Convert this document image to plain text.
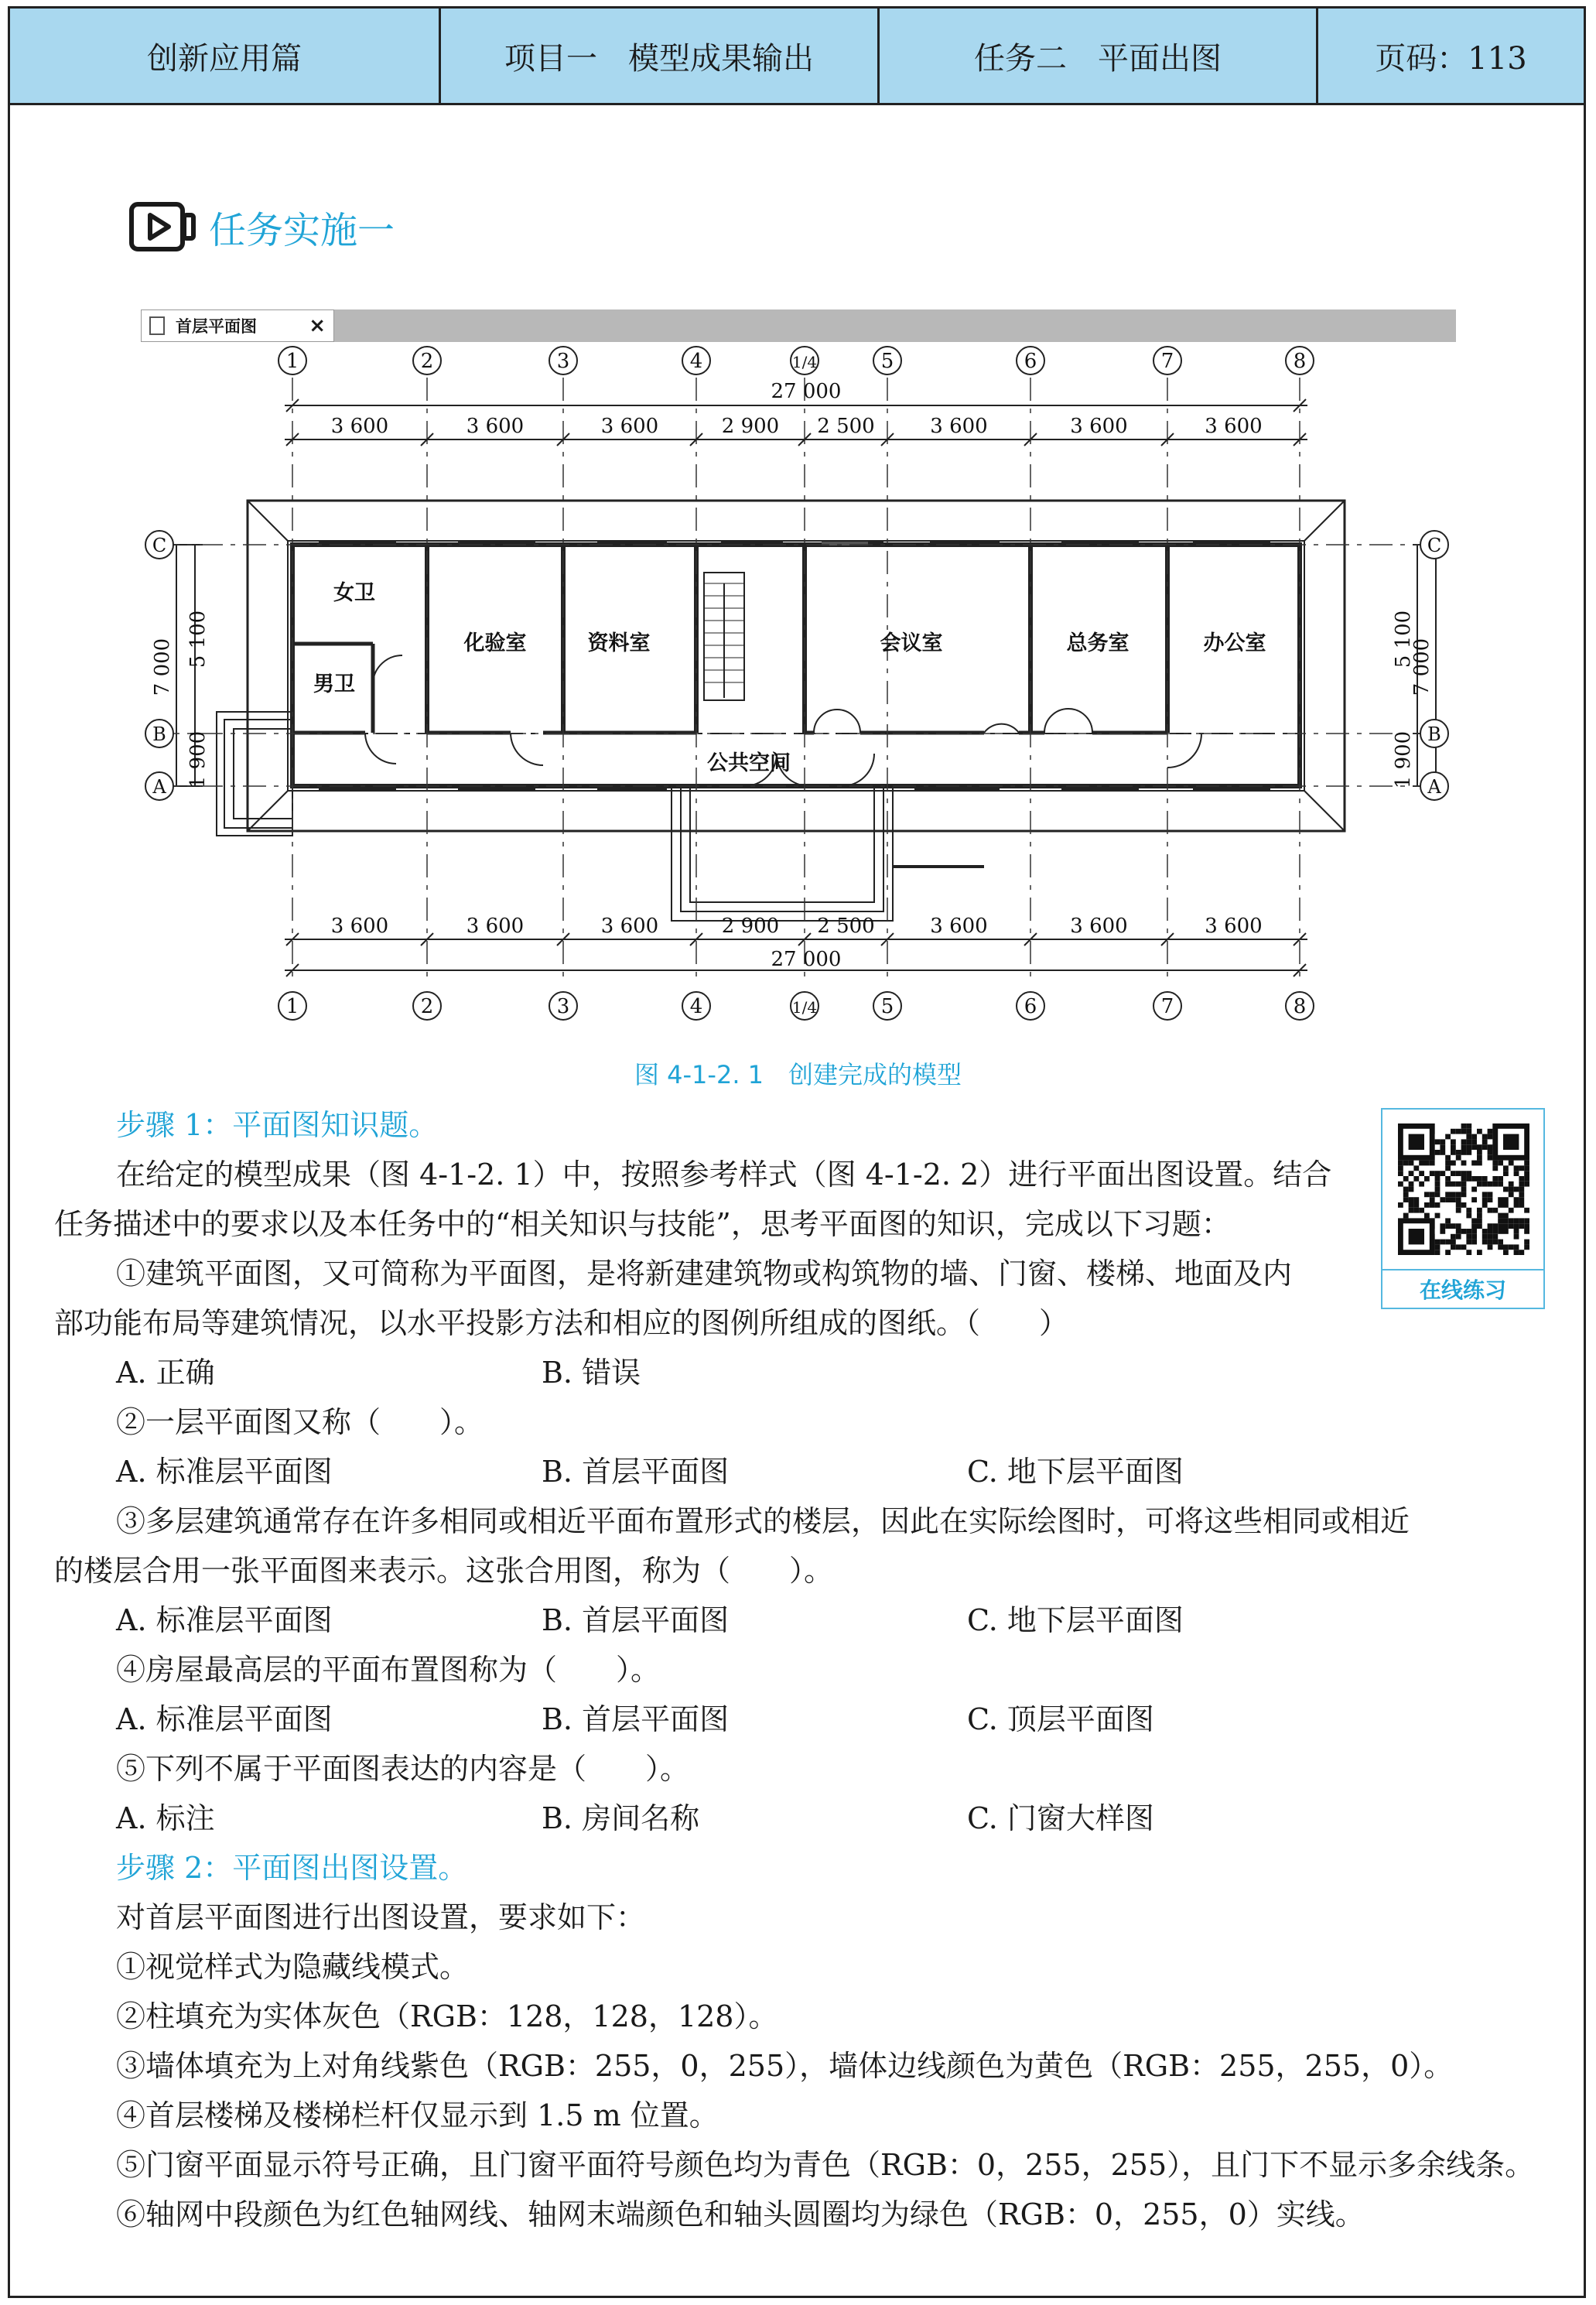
创新应用篇	项目一　模型成果输出	任务二　平面出图	页码：113
任务实施一
首层平面图	×
1
1
2
2
3
3
4
4
1/4
1/4
5
5
6
6
7
7
8
8
C	C
B	B
A	A
27 000
3 600	3 600	3 600	2 900 2 500	3 600	3 600	3 600
3 600	3 600	3 600	2 900 2 500	3 600	3 600	3 600
27 000
7 000 5 100
1 900
5 100
1 900
7 000
女卫
男卫
化验室	资料室	会议室	总务室	办公室
公共空间
图 4-1-2. 1　创建完成的模型
在线练习
步骤 1：平面图知识题。
在给定的模型成果（图 4-1-2. 1）中，按照参考样式（图 4-1-2. 2）进行平面出图设置。结合
任务描述中的要求以及本任务中的“相关知识与技能”，思考平面图的知识，完成以下习题：
①建筑平面图，又可简称为平面图，是将新建建筑物或构筑物的墙、门窗、楼梯、地面及内
部功能布局等建筑情况，以水平投影方法和相应的图例所组成的图纸。（　　）
A. 正确	B. 错误
②一层平面图又称（　　）。
A. 标准层平面图	B. 首层平面图	C. 地下层平面图
③多层建筑通常存在许多相同或相近平面布置形式的楼层，因此在实际绘图时，可将这些相同或相近
的楼层合用一张平面图来表示。这张合用图，称为（　　）。
A. 标准层平面图	B. 首层平面图	C. 地下层平面图
④房屋最高层的平面布置图称为（　　）。
A. 标准层平面图	B. 首层平面图	C. 顶层平面图
⑤下列不属于平面图表达的内容是（　　）。
A. 标注	B. 房间名称	C. 门窗大样图
步骤 2：平面图出图设置。
对首层平面图进行出图设置，要求如下：
①视觉样式为隐藏线模式。
②柱填充为实体灰色（RGB：128，128，128）。
③墙体填充为上对角线紫色（RGB：255，0，255），墙体边线颜色为黄色（RGB：255，255，0）。
④首层楼梯及楼梯栏杆仅显示到 1.5 m 位置。
⑤门窗平面显示符号正确，且门窗平面符号颜色均为青色（RGB：0，255，255），且门下不显示多余线条。
⑥轴网中段颜色为红色轴网线、轴网末端颜色和轴头圆圈均为绿色（RGB：0，255，0）实线。
